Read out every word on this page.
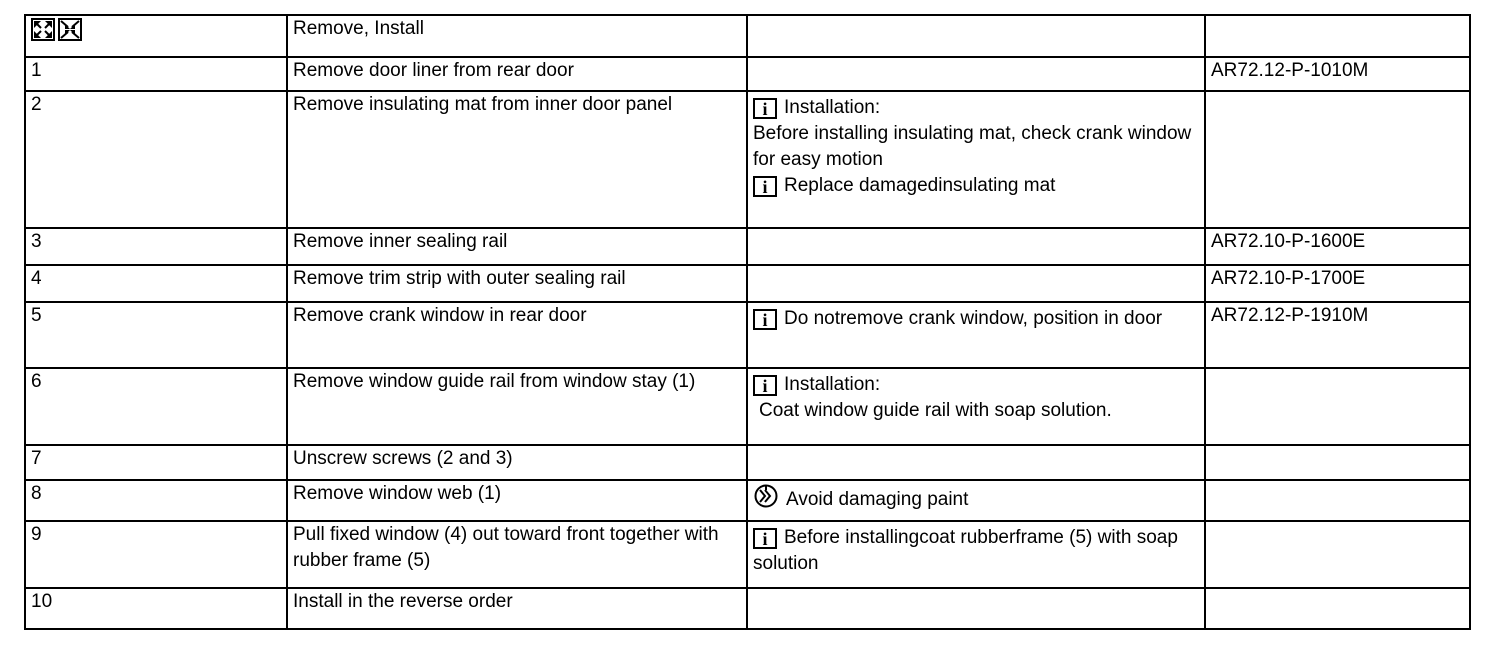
	Remove, Install		
1	Remove door liner from rear door		AR72.12-P-1010M
2	Remove insulating mat from inner door panel	i Installation:
Before installing insulating mat, check crank window for easy motion
i Replace damagedinsulating mat	

3	Remove inner sealing rail		AR72.10-P-1600E
4	Remove trim strip with outer sealing rail		AR72.10-P-1700E
5	Remove crank window in rear door	i Do notremove crank window, position in door	AR72.12-P-1910M
6	Remove window guide rail from window stay (1)	i Installation:
Coat window guide rail with soap solution.	

7	Unscrew screws (2 and 3)		
8	Remove window web (1)	Avoid damaging paint	

9	Pull fixed window (4) out toward front together with rubber frame (5)	i Before installingcoat rubberframe (5) with soap solution	

10	Install in the reverse order		
